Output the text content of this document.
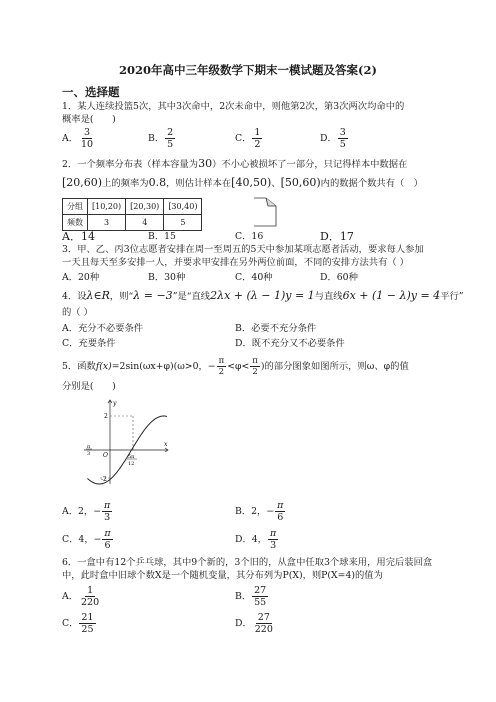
2020年高中三年级数学下期末一模试题及答案(2)
一、选择题
1．某人连续投篮5次，其中3次命中，2次未命中，则他第2次，第3次两次均命中的
概率是(　　)
A． $\frac{3}{10}$	B． $\frac{2}{5}$	C． $\frac{1}{2}$	D． $\frac{3}{5}$
2．一个频率分布表（样本容量为30）不小心被损坏了一部分，只记得样本中数据在
[20,60)上的频率为0.8，则估计样本在[40,50)、[50,60)内的数据个数共有（　）
分组	[10,20)	[20,30)	[30,40)
频数	3	4	5
A．14	B．15	C．16	D．17
3．甲、乙、丙3位志愿者安排在周一至周五的5天中参加某项志愿者活动，要求每人参加
一天且每天至多安排一人，并要求甲安排在另外两位前面，不同的安排方法共有（ ）
A．20种	B．30种	C．40种	D．60种
4．设λ∈R，则“λ = −3”是“直线2λx + (λ − 1)y = 1与直线6x + (1 − λ)y = 4平行”
的（ ）
A．充分不必要条件	B．必要不充分条件
C．充要条件	D．既不充分又不必要条件
5．函数f(x)=2sin(ωx+φ)(ω>0，− $\frac{\pi}{2} <\varphi< \frac{\pi}{2}$ )的部分图象如图所示，则ω、φ的值
分别是(　　)
y
x
O
2
-2
π
3	5π
12
A．2，− $\frac{\pi}{3}$	B．2，− $\frac{\pi}{6}$
C．4，− $\frac{\pi}{6}$	D．4， $\frac{\pi}{3}$
6．一盒中有12个乒乓球，其中9个新的，3个旧的，从盒中任取3个球来用，用完后装回盒
中，此时盒中旧球个数X是一个随机变量，其分布列为P(X)，则P(X=4)的值为
A． $\frac{1}{220}$	B． $\frac{27}{55}$
C． $\frac{21}{25}$	D． $\frac{27}{220}$
